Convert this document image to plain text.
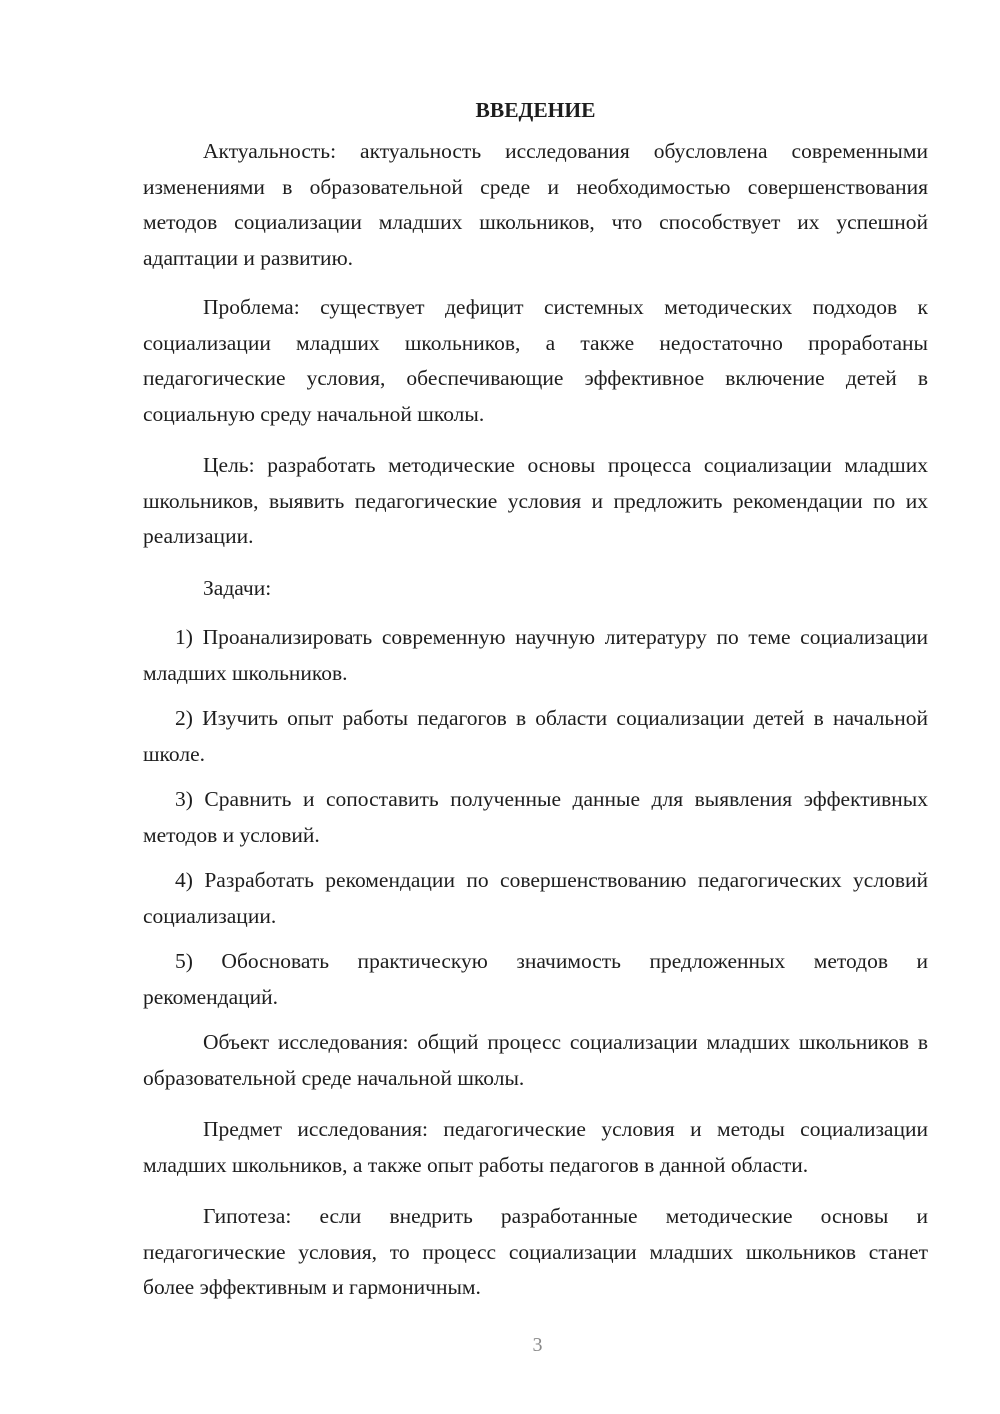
ВВЕДЕНИЕ

Актуальность: актуальность исследования обусловлена современными изменениями в образовательной среде и необходимостью совершенствования методов социализации младших школьников, что способствует их успешной адаптации и развитию.

Проблема: существует дефицит системных методических подходов к социализации младших школьников, а также недостаточно проработаны педагогические условия, обеспечивающие эффективное включение детей в социальную среду начальной школы.

Цель: разработать методические основы процесса социализации младших школьников, выявить педагогические условия и предложить рекомендации по их реализации.

Задачи:

1) Проанализировать современную научную литературу по теме социализации младших школьников.

2) Изучить опыт работы педагогов в области социализации детей в начальной школе.

3) Сравнить и сопоставить полученные данные для выявления эффективных методов и условий.

4) Разработать рекомендации по совершенствованию педагогических условий социализации.

5) Обосновать практическую значимость предложенных методов и рекомендаций.

Объект исследования: общий процесс социализации младших школьников в образовательной среде начальной школы.

Предмет исследования: педагогические условия и методы социализации младших школьников, а также опыт работы педагогов в данной области.

Гипотеза: если внедрить разработанные методические основы и педагогические условия, то процесс социализации младших школьников станет более эффективным и гармоничным.

3
